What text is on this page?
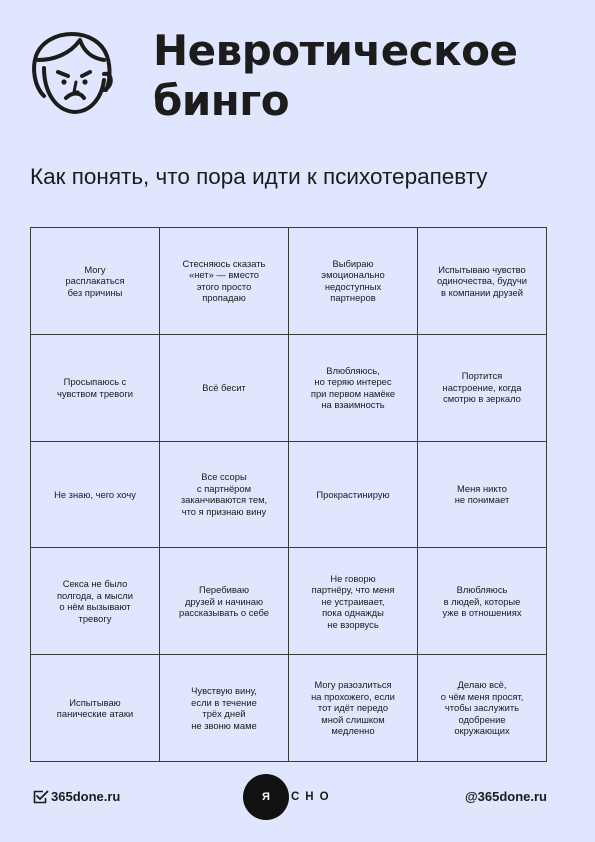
Невротическое
бинго
Как понять, что пора идти к психотерапевту
Могу
расплакаться
без причины
Стесняюсь сказать
«нет» — вместо
этого просто
пропадаю
Выбираю
эмоционально
недоступных
партнеров
Испытываю чувство
одиночества, будучи
в компании друзей
Просыпаюсь с
чувством тревоги
Всё бесит
Влюбляюсь,
но теряю интерес
при первом намёке
на взаимность
Портится
настроение, когда
смотрю в зеркало
Не знаю, чего хочу
Все ссоры
с партнёром
заканчиваются тем,
что я признаю вину
Прокрастинирую
Меня никто
не понимает
Секса не было
полгода, а мысли
о нём вызывают
тревогу
Перебиваю
друзей и начинаю
рассказывать о себе
Не говорю
партнёру, что меня
не устраивает,
пока однажды
не взорвусь
Влюбляюсь
в людей, которые
уже в отношениях
Испытываю
панические атаки
Чувствую вину,
если в течение
трёх дней
не звоню маме
Могу разозлиться
на прохожего, если
тот идёт передо
мной слишком
медленно
Делаю всё,
о чём меня просят,
чтобы заслужить
одобрение
окружающих
365done.ru	Я СНО	@365done.ru
